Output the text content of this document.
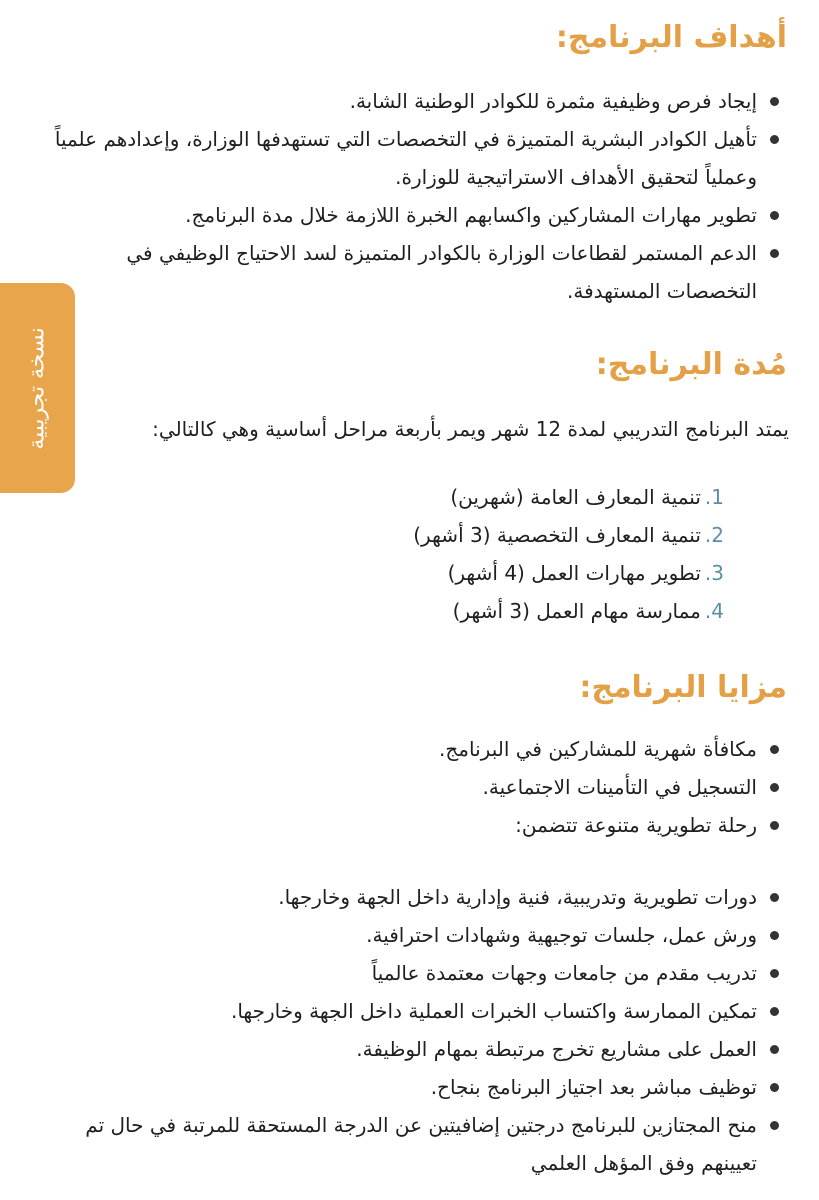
نسخة تجريبية
أهداف البرنامج:
إيجاد فرص وظيفية مثمرة للكوادر الوطنية الشابة.
تأهيل الكوادر البشرية المتميزة في التخصصات التي تستهدفها الوزارة، وإعدادهم علمياً وعملياً لتحقيق الأهداف الاستراتيجية للوزارة.
تطوير مهارات المشاركين واكسابهم الخبرة اللازمة خلال مدة البرنامج.
الدعم المستمر لقطاعات الوزارة بالكوادر المتميزة لسد الاحتياج الوظيفي في التخصصات المستهدفة.
مُدة البرنامج:

يمتد البرنامج التدريبي لمدة 12 شهر ويمر بأربعة مراحل أساسية وهي كالتالي:

1.تنمية المعارف العامة (شهرين)
2.تنمية المعارف التخصصية (3 أشهر)
3.تطوير مهارات العمل (4 أشهر)
4.ممارسة مهام العمل (3 أشهر)
مزايا البرنامج:
مكافأة شهرية للمشاركين في البرنامج.
التسجيل في التأمينات الاجتماعية.
رحلة تطويرية متنوعة تتضمن:
دورات تطويرية وتدريبية، فنية وإدارية داخل الجهة وخارجها.
ورش عمل، جلسات توجيهية وشهادات احترافية.
تدريب مقدم من جامعات وجهات معتمدة عالمياً
تمكين الممارسة واكتساب الخبرات العملية داخل الجهة وخارجها.
العمل على مشاريع تخرج مرتبطة بمهام الوظيفة.
توظيف مباشر بعد اجتياز البرنامج بنجاح.
منح المجتازين للبرنامج درجتين إضافيتين عن الدرجة المستحقة للمرتبة في حال تم تعيينهم وفق المؤهل العلمي
